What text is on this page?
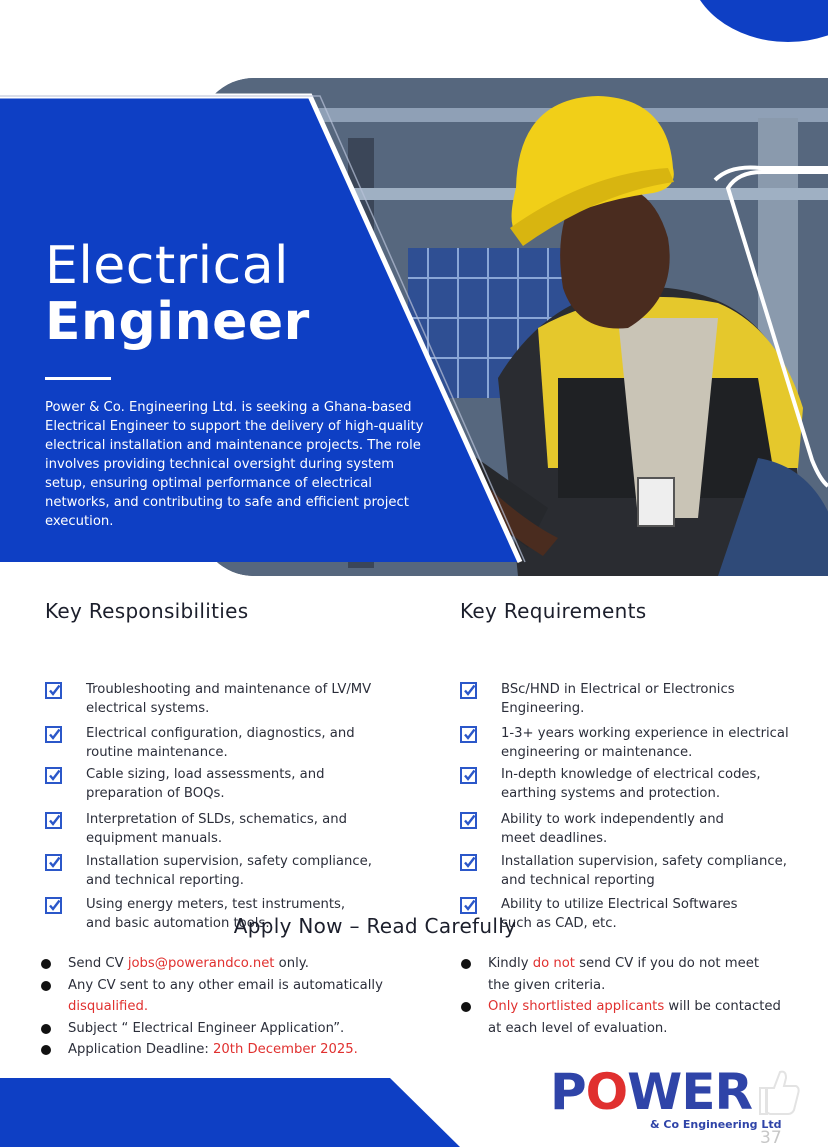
Electrical
Engineer
Power & Co. Engineering Ltd. is seeking a Ghana-based
Electrical Engineer to support the delivery of high-quality
electrical installation and maintenance projects. The role
involves providing technical oversight during system
setup, ensuring optimal performance of electrical
networks, and contributing to safe and efficient project
execution.
Key Responsibilities
Troubleshooting and maintenance of LV/MV
electrical systems.
Electrical configuration, diagnostics, and
routine maintenance.
Cable sizing, load assessments, and
preparation of BOQs.
Interpretation of SLDs, schematics, and
equipment manuals.
Installation supervision, safety compliance,
and technical reporting.
Using energy meters, test instruments,
and basic automation tools.
Key Requirements
BSc/HND in Electrical or Electronics
Engineering.
1-3+ years working experience in electrical
engineering or maintenance.
In-depth knowledge of electrical codes,
earthing systems and protection.
Ability to work independently and
meet deadlines.
Installation supervision, safety compliance,
and technical reporting
Ability to utilize Electrical Softwares
such as CAD, etc.
Apply Now – Read Carefully
Send CV jobs@powerandco.net only.
Any CV sent to any other email is automatically
disqualified.
Subject “ Electrical Engineer Application”.
Application Deadline: 20th December 2025.
Kindly do not send CV if you do not meet
the given criteria.
Only shortlisted applicants will be contacted
at each level of evaluation.
POWER
& Co Engineering Ltd
37
